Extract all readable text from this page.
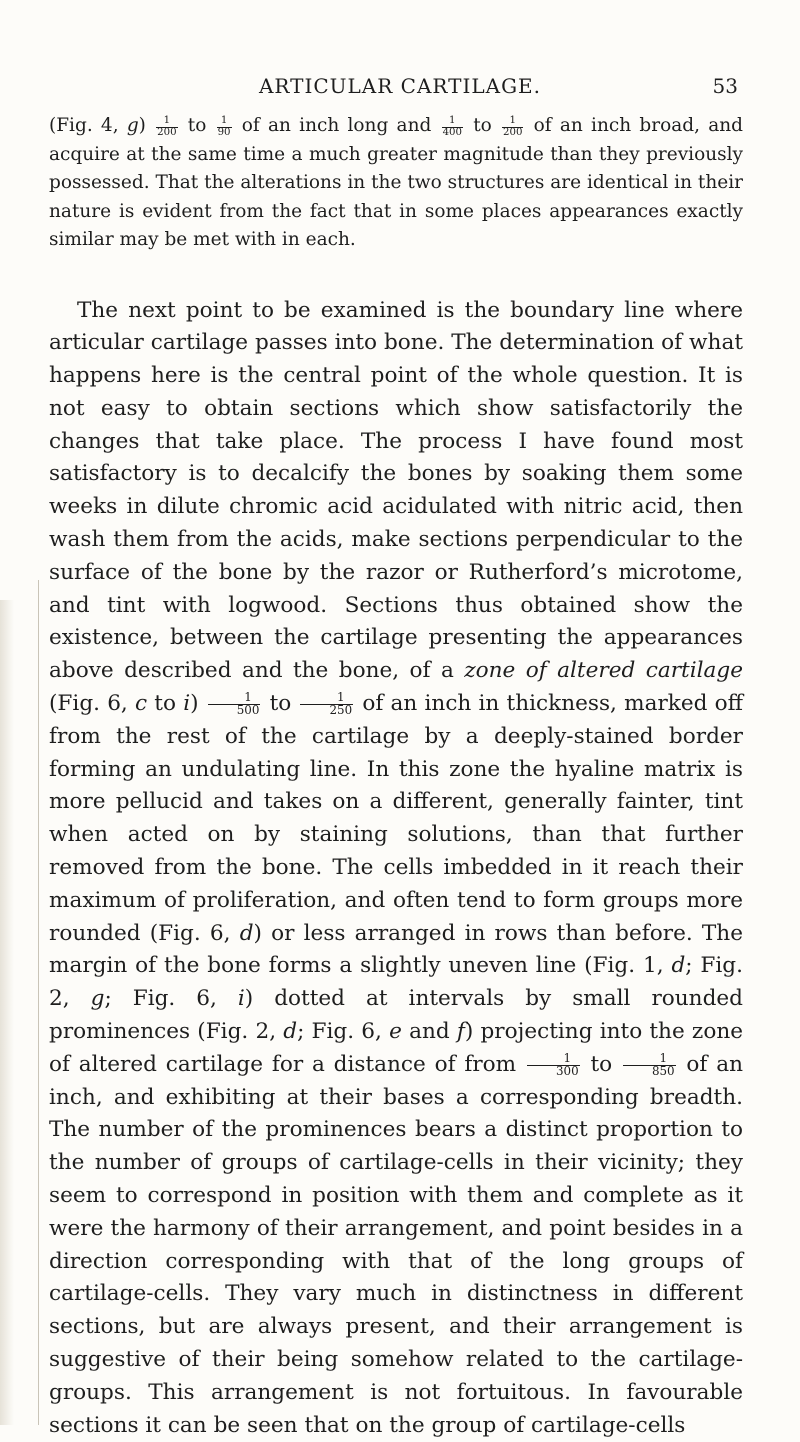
ARTICULAR CARTILAGE.	53

(Fig. 4, $g) \frac{1}{200}$ to $\frac{1}{90}$ of an inch long and $\frac{1}{400}$ to $\frac{1}{200}$ of an inch broad, and acquire at the same time a much greater magnitude than they previously possessed. That the alterations in the two structures are identical in their nature is evident from the fact that in some places appearances exactly similar may be met with in each.

The next point to be examined is the boundary line where articular cartilage passes into bone. The determination of what happens here is the central point of the whole question. It is not easy to obtain sections which show satisfactorily the changes that take place. The process I have found most satisfactory is to decalcify the bones by soaking them some weeks in dilute chromic acid acidulated with nitric acid, then wash them from the acids, make sections perpendicular to the surface of the bone by the razor or Rutherford’s microtome, and tint with logwood. Sections thus obtained show the existence, between the cartilage presenting the appearances above described and the bone, of a zone of altered cartilage (Fig. 6, c to $i) \frac{1}{500}$ to $\frac{1}{250}$ of an inch in thickness, marked off from the rest of the cartilage by a deeply-stained border forming an undulating line. In this zone the hyaline matrix is more pellucid and takes on a different, generally fainter, tint when acted on by staining solutions, than that further removed from the bone. The cells imbedded in it reach their maximum of proliferation, and often tend to form groups more rounded (Fig. 6, d) or less arranged in rows than before. The margin of the bone forms a slightly uneven line (Fig. 1, d; Fig. 2, g; Fig. 6, i) dotted at intervals by small rounded prominences (Fig. 2, d; Fig. 6, e and f) projecting into the zone of altered cartilage for a distance of from $\frac{1}{300}$ to $\frac{1}{850}$ of an inch, and exhibiting at their bases a corresponding breadth. The number of the prominences bears a distinct proportion to the number of groups of cartilage-cells in their vicinity; they seem to correspond in position with them and complete as it were the harmony of their arrangement, and point besides in a direction corresponding with that of the long groups of cartilage-cells. They vary much in distinctness in different sections, but are always present, and their arrangement is suggestive of their being somehow related to the cartilage-groups. This arrangement is not fortuitous. In favourable sections it can be seen that on the group of cartilage-cells
